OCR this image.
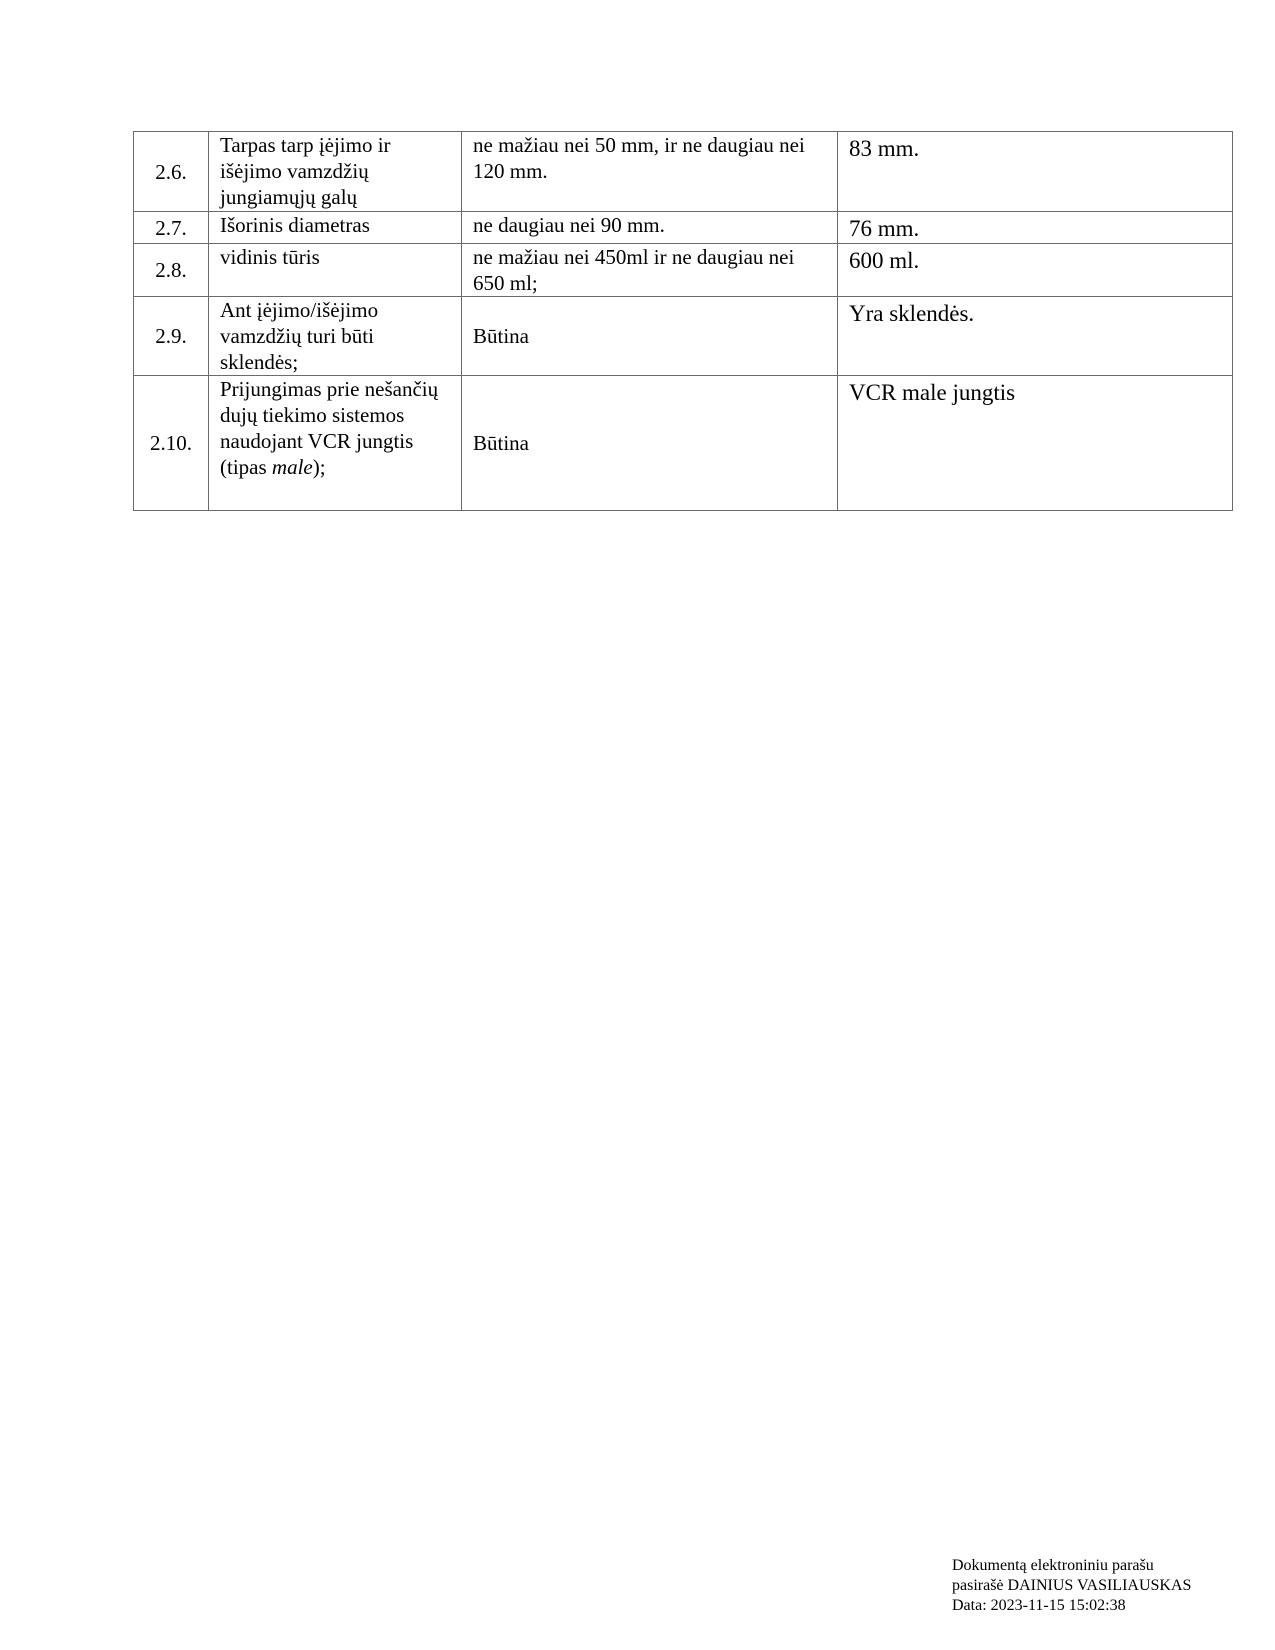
2.6.	Tarpas tarp įėjimo ir išėjimo vamzdžių jungiamųjų galų	ne mažiau nei 50 mm, ir ne daugiau nei 120 mm.	83 mm.
2.7.	Išorinis diametras	ne daugiau nei 90 mm.	76 mm.
2.8.	vidinis tūris	ne mažiau nei 450ml ir ne daugiau nei 650 ml;	600 ml.
2.9.	Ant įėjimo/išėjimo vamzdžių turi būti sklendės;	Būtina	Yra sklendės.
2.10.	Prijungimas prie nešančių dujų tiekimo sistemos naudojant VCR jungtis (tipas male);	Būtina	VCR male jungtis
Dokumentą elektroniniu parašu
pasirašė DAINIUS VASILIAUSKAS
Data: 2023-11-15 15:02:38
